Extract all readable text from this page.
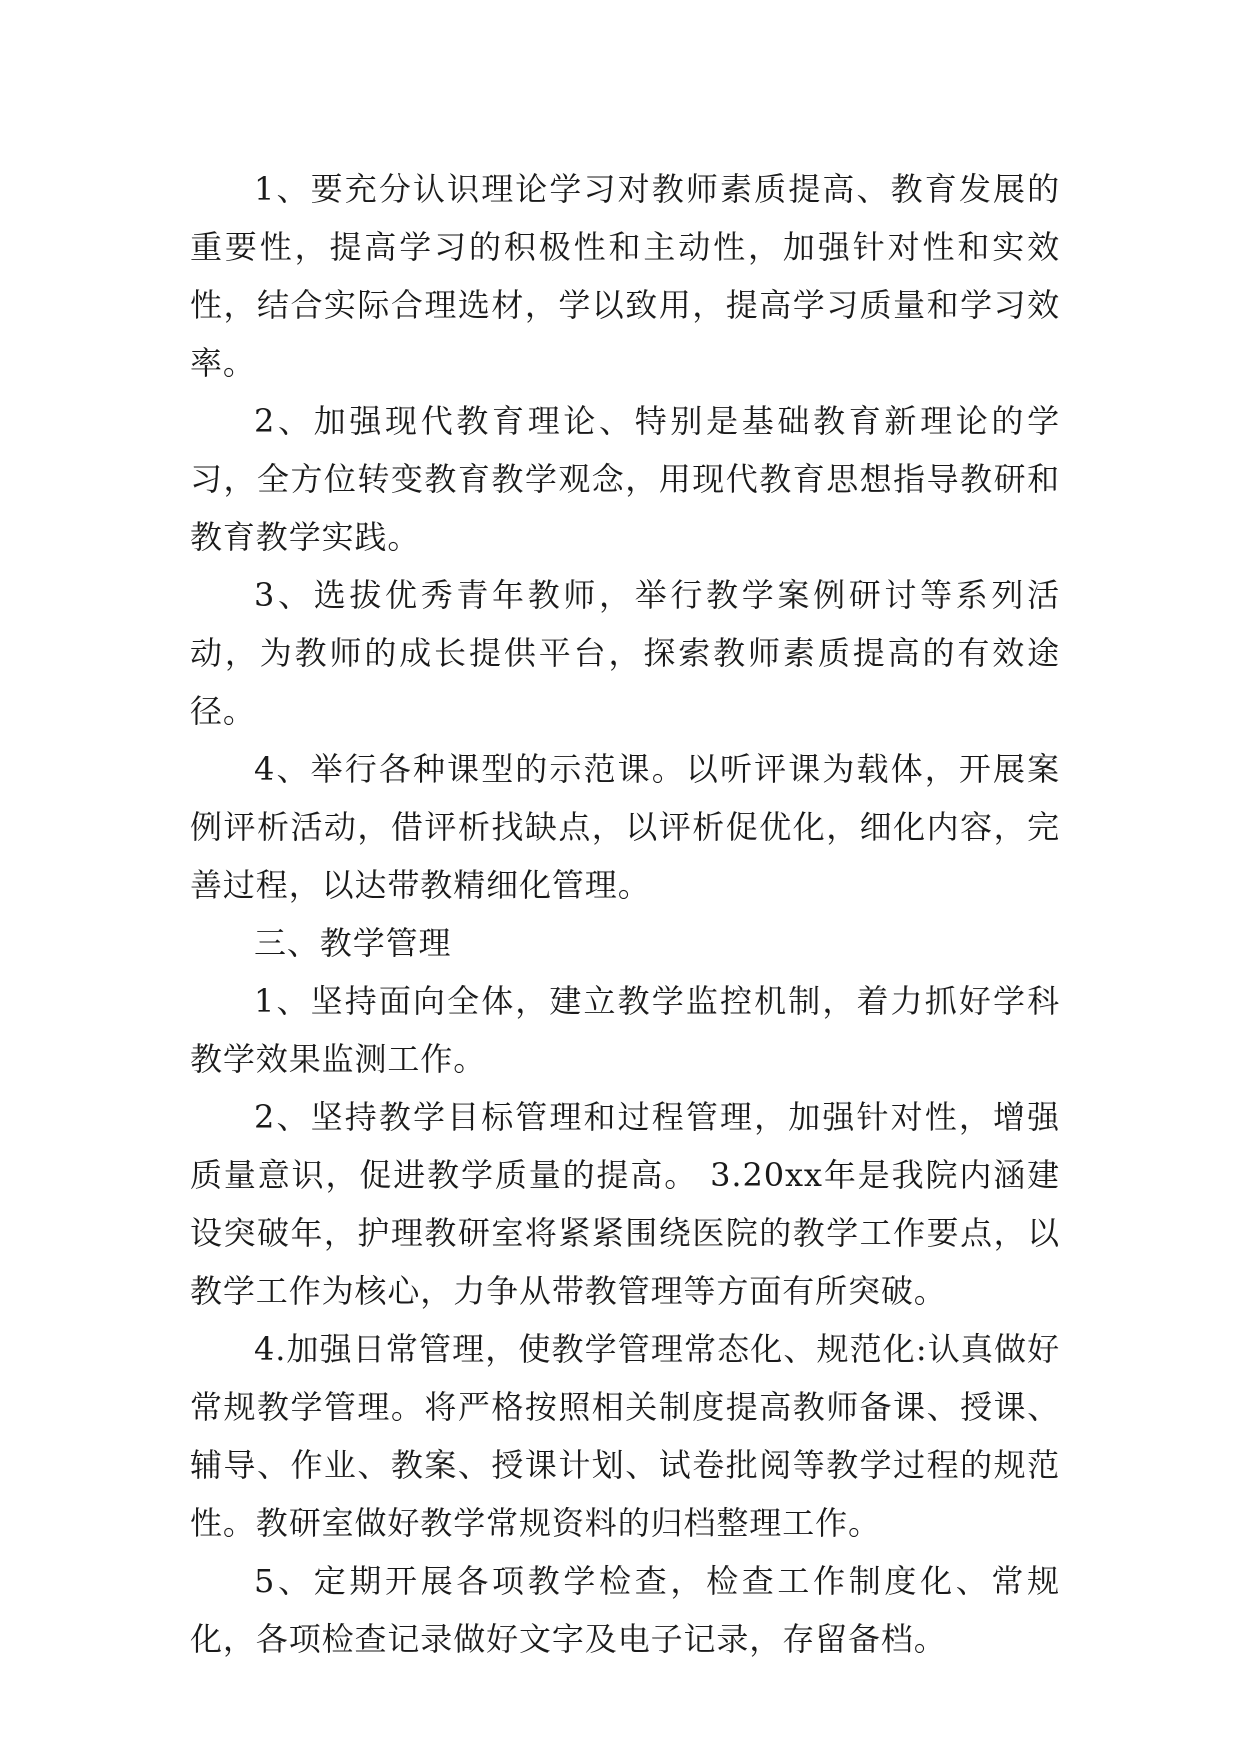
1、要充分认识理论学习对教师素质提高、教育发展的重要性，提高学习的积极性和主动性，加强针对性和实效性，结合实际合理选材，学以致用，提高学习质量和学习效率。

2、加强现代教育理论、特别是基础教育新理论的学习，全方位转变教育教学观念，用现代教育思想指导教研和教育教学实践。

3、选拔优秀青年教师，举行教学案例研讨等系列活动，为教师的成长提供平台，探索教师素质提高的有效途径。

4、举行各种课型的示范课。以听评课为载体，开展案例评析活动，借评析找缺点，以评析促优化，细化内容，完善过程，以达带教精细化管理。

三、教学管理

1、坚持面向全体，建立教学监控机制，着力抓好学科教学效果监测工作。

2、坚持教学目标管理和过程管理，加强针对性，增强质量意识，促进教学质量的提高。 3.20xx年是我院内涵建设突破年，护理教研室将紧紧围绕医院的教学工作要点，以教学工作为核心，力争从带教管理等方面有所突破。

4.加强日常管理，使教学管理常态化、规范化:认真做好常规教学管理。将严格按照相关制度提高教师备课、授课、辅导、作业、教案、授课计划、试卷批阅等教学过程的规范性。教研室做好教学常规资料的归档整理工作。

5、定期开展各项教学检查，检查工作制度化、常规化，各项检查记录做好文字及电子记录，存留备档。
